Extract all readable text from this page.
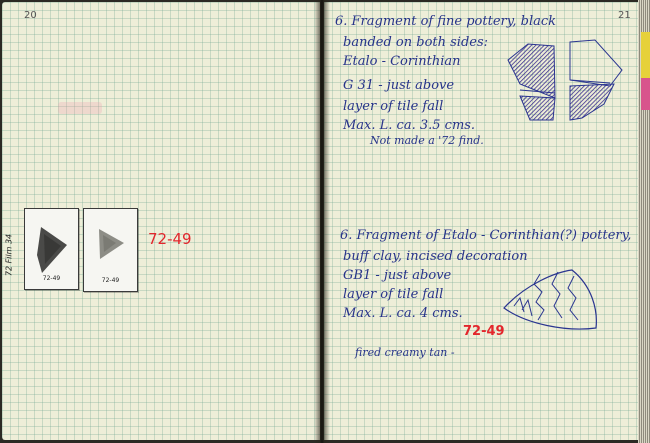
20
72 Film 34
72-49	72-49
72-49
21
6. Fragment of fine pottery, black
banded on both sides:
Etalo - Corinthian
G 31 - just above
layer of tile fall
Max. L. ca. 3.5 cms.
Not made a '72 find.
6. Fragment of Etalo - Corinthian(?) pottery,
buff clay, incised decoration
GB1 - just above
layer of tile fall
Max. L. ca. 4 cms.
72-49
fired creamy tan -
